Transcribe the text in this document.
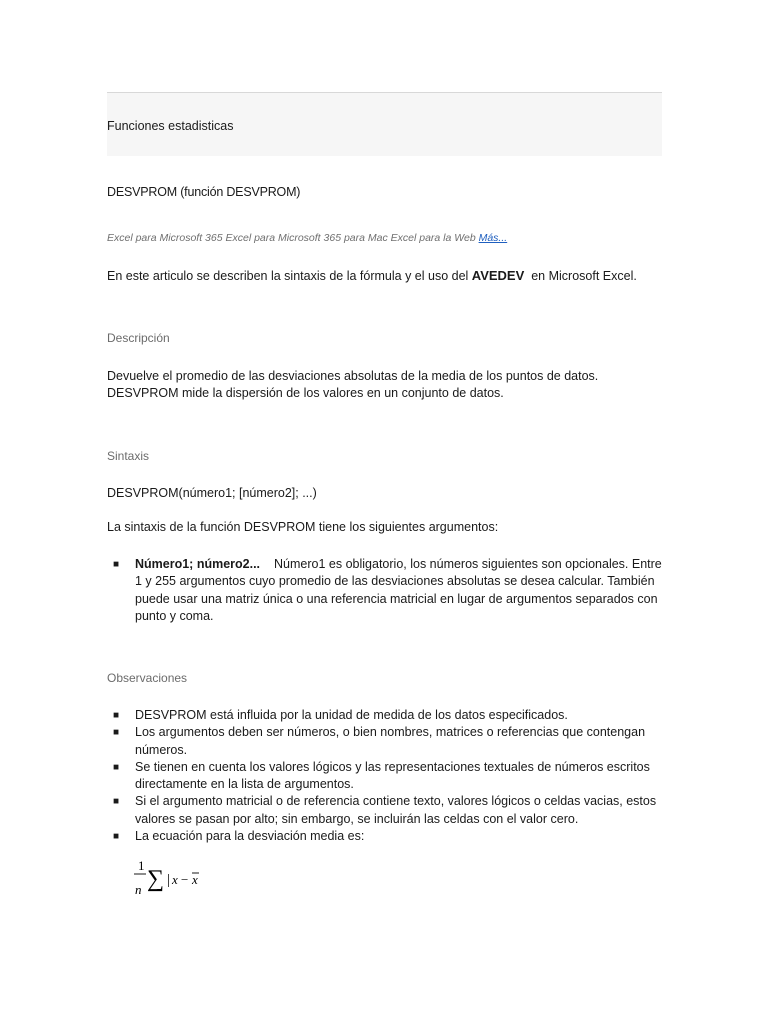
Funciones estadisticas
DESVPROM (función DESVPROM)
Excel para Microsoft 365 Excel para Microsoft 365 para Mac Excel para la Web Más...
En este articulo se describen la sintaxis de la fórmula y el uso del AVEDEV  en Microsoft Excel.
Descripción
Devuelve el promedio de las desviaciones absolutas de la media de los puntos de datos.
DESVPROM mide la dispersión de los valores en un conjunto de datos.
Sintaxis
DESVPROM(número1; [número2]; ...)
La sintaxis de la función DESVPROM tiene los siguientes argumentos:
■ Número1; número2... Número1 es obligatorio, los números siguientes son opcionales. Entre 1 y 255 argumentos cuyo promedio de las desviaciones absolutas se desea calcular. También puede usar una matriz única o una referencia matricial en lugar de argumentos separados con punto y coma.
Observaciones
■ DESVPROM está influida por la unidad de medida de los datos especificados.
■ Los argumentos deben ser números, o bien nombres, matrices o referencias que contengan números.
■ Se tienen en cuenta los valores lógicos y las representaciones textuales de números escritos directamente en la lista de argumentos.
■ Si el argumento matricial o de referencia contiene texto, valores lógicos o celdas vacias, estos valores se pasan por alto; sin embargo, se incluirán las celdas con el valor cero.
■ La ecuación para la desviación media es:
1
n ∑ | x − x
